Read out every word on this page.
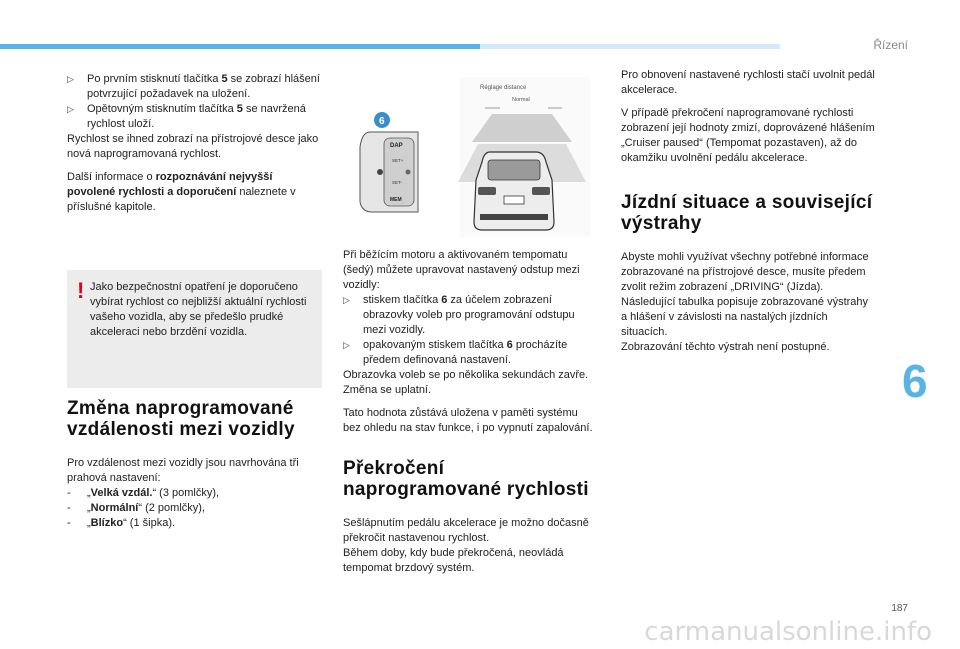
Řízení
▷	Po prvním stisknutí tlačítka 5 se zobrazí hlášení potvrzující požadavek na uložení.
▷	Opětovným stisknutím tlačítka 5 se navržená rychlost uloží.

Rychlost se ihned zobrazí na přístrojové desce jako nová naprogramovaná rychlost.

Další informace o rozpoznávání nejvyšší povolené rychlosti a doporučení naleznete v příslušné kapitole.

! Jako bezpečnostní opatření je doporučeno vybírat rychlost co nejbližší aktuální rychlosti vašeho vozidla, aby se předešlo prudké akceleraci nebo brzdění vozidla.

Změna naprogramované vzdálenosti mezi vozidly

Pro vzdálenost mezi vozidly jsou navrhována tři prahová nastavení:

-	„Velká vzdál.“ (3 pomlčky),
-	„Normální“ (2 pomlčky),
-	„Blízko“ (1 šipka).
DAP
SET+
SET-
MEM
6
Réglage distance
Normal

Při běžícím motoru a aktivovaném tempomatu (šedý) můžete upravovat nastavený odstup mezi vozidly:

▷	stiskem tlačítka 6 za účelem zobrazení obrazovky voleb pro programování odstupu mezi vozidly.
▷	opakovaným stiskem tlačítka 6 procházíte předem definovaná nastavení.

Obrazovka voleb se po několika sekundách zavře.

Změna se uplatní.

Tato hodnota zůstává uložena v paměti systému bez ohledu na stav funkce, i po vypnutí zapalování.

Překročení naprogramované rychlosti

Sešlápnutím pedálu akcelerace je možno dočasně překročit nastavenou rychlost.

Během doby, kdy bude překročená, neovládá tempomat brzdový systém.

Pro obnovení nastavené rychlosti stačí uvolnit pedál akcelerace.

V případě překročení naprogramované rychlosti zobrazení její hodnoty zmizí, doprovázené hlášením „Cruiser paused“ (Tempomat pozastaven), až do okamžiku uvolnění pedálu akcelerace.

Jízdní situace a související výstrahy

Abyste mohli využívat všechny potřebné informace zobrazované na přístrojové desce, musíte předem zvolit režim zobrazení „DRIVING“ (Jízda).

Následující tabulka popisuje zobrazované výstrahy a hlášení v závislosti na nastalých jízdních situacích.

Zobrazování těchto výstrah není postupné.

6
187
carmanualsonline.info
